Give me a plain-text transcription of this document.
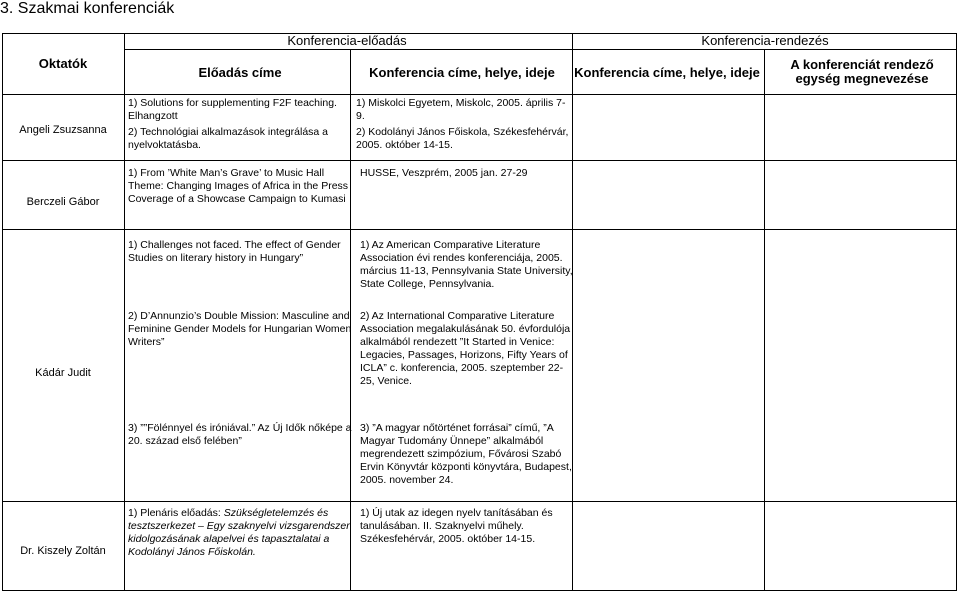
3. Szakmai konferenciák
Oktatók
Konferencia-előadás	Konferencia-rendezés
Előadás címe	Konferencia címe, helye, ideje Konferencia címe, helye, ideje
A konferenciát rendező egység megnevezése
Angeli Zsuzsanna
1) Solutions for supplementing F2F teaching.
Elhangzott
2) Technológiai alkalmazások integrálása a
nyelvoktatásba.
1) Miskolci Egyetem, Miskolc, 2005. április 7-
9.
2) Kodolányi János Főiskola, Székesfehérvár,
2005. október 14-15.
Berczeli Gábor
1) From ’White Man’s Grave’ to Music Hall
Theme: Changing Images of Africa in the Press
Coverage of a Showcase Campaign to Kumasi
HUSSE, Veszprém, 2005 jan. 27-29
Kádár Judit
1) Challenges not faced. The effect of Gender
Studies on literary history in Hungary”
2) D’Annunzio’s Double Mission: Masculine and
Feminine Gender Models for Hungarian Women
Writers”
3) ””Fölénnyel és iróniával.” Az Új Idők nőképe a
20. század első felében”
1) Az American Comparative Literature
Association évi rendes konferenciája, 2005.
március 11-13, Pennsylvania State University,
State College, Pennsylvania.
2) Az International Comparative Literature
Association megalakulásának 50. évfordulója
alkalmából rendezett ”It Started in Venice:
Legacies, Passages, Horizons, Fifty Years of
ICLA” c. konferencia, 2005. szeptember 22-
25, Venice.
3) ”A magyar nőtörténet forrásai” című, ”A
Magyar Tudomány Ünnepe” alkalmából
megrendezett szimpózium, Fővárosi Szabó
Ervin Könyvtár központi könyvtára, Budapest,
2005. november 24.
Dr. Kiszely Zoltán
1) Plenáris előadás: Szükségletelemzés és
tesztszerkezet – Egy szaknyelvi vizsgarendszer
kidolgozásának alapelvei és tapasztalatai a
Kodolányi János Főiskolán.
1) Új utak az idegen nyelv tanításában és
tanulásában. II. Szaknyelvi műhely.
Székesfehérvár, 2005. október 14-15.
